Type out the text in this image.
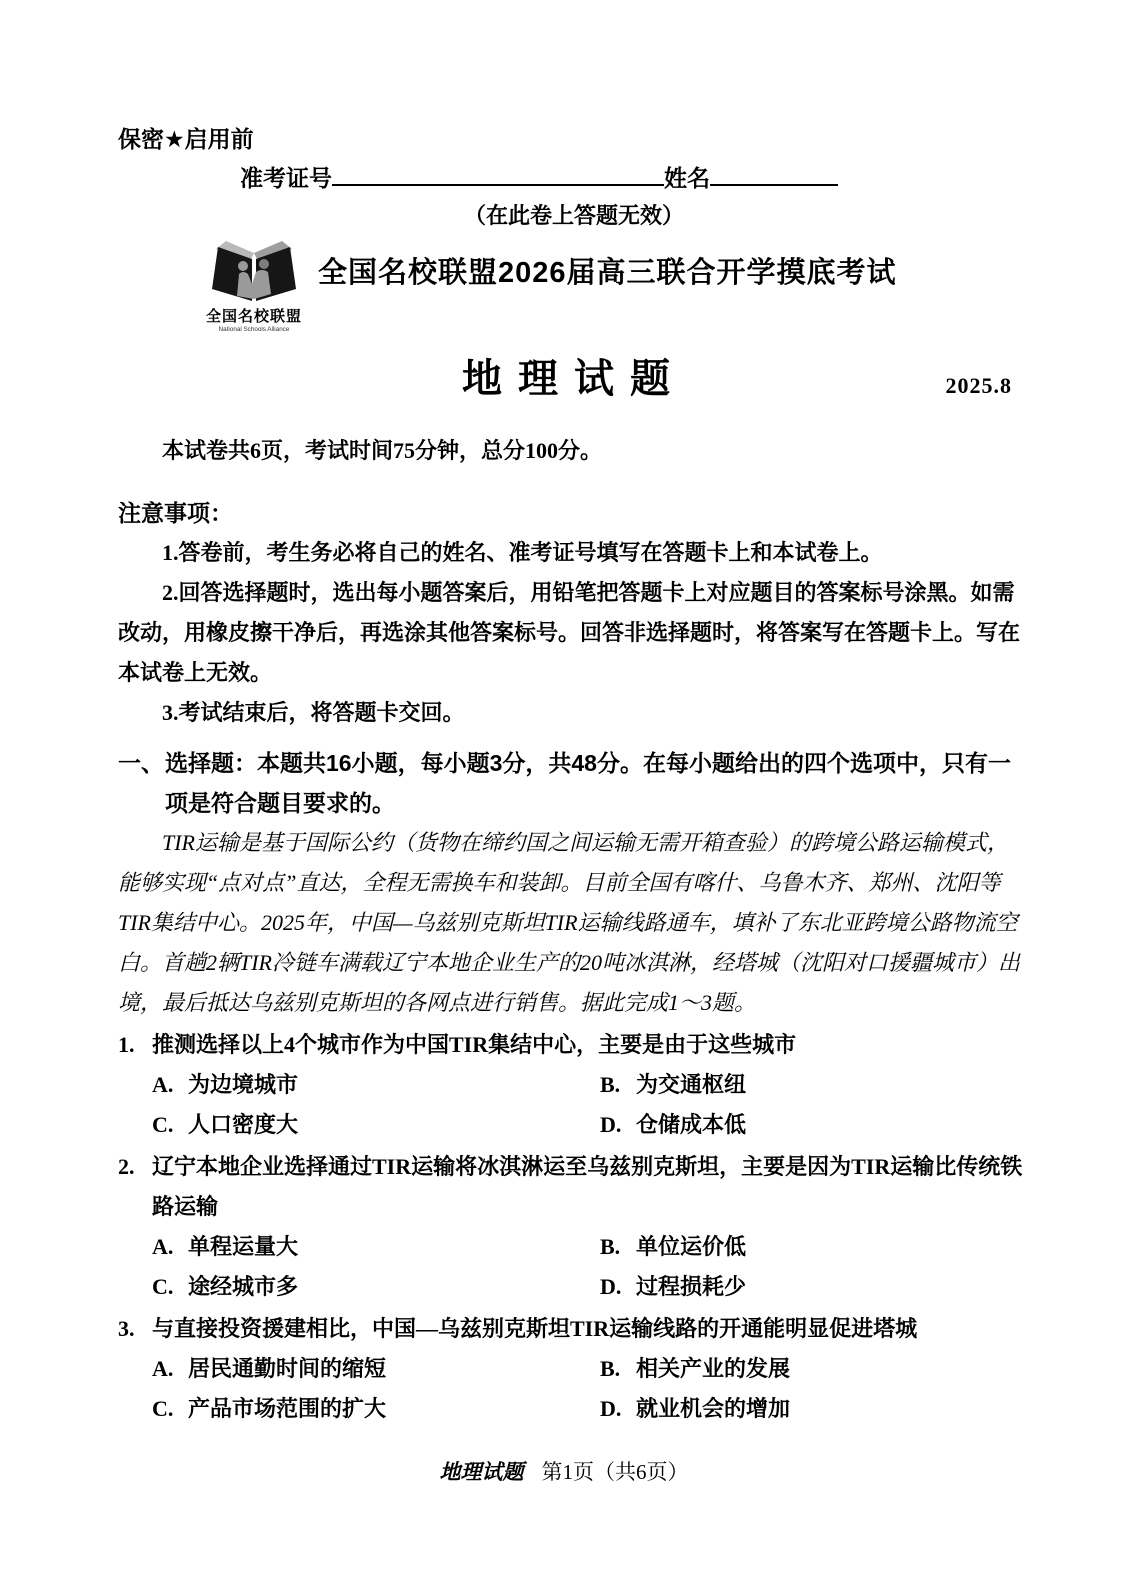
保密★启用前
准考证号	姓名
（在此卷上答题无效）
全国名校联盟
National Schools Alliance
全国名校联盟2026届高三联合开学摸底考试
地理试题	2025.8

本试卷共6页，考试时间75分钟，总分100分。

注意事项：

1.答卷前，考生务必将自己的姓名、准考证号填写在答题卡上和本试卷上。

2.回答选择题时，选出每小题答案后，用铅笔把答题卡上对应题目的答案标号涂黑。如需改动，用橡皮擦干净后，再选涂其他答案标号。回答非选择题时，将答案写在答题卡上。写在本试卷上无效。

3.考试结束后，将答题卡交回。

一、选择题：本题共16小题，每小题3分，共48分。在每小题给出的四个选项中，只有一项是符合题目要求的。

TIR运输是基于国际公约（货物在缔约国之间运输无需开箱查验）的跨境公路运输模式，能够实现“点对点”直达，全程无需换车和装卸。目前全国有喀什、乌鲁木齐、郑州、沈阳等TIR集结中心。2025年，中国—乌兹别克斯坦TIR运输线路通车，填补了东北亚跨境公路物流空白。首趟2辆TIR冷链车满载辽宁本地企业生产的20吨冰淇淋，经塔城（沈阳对口援疆城市）出境，最后抵达乌兹别克斯坦的各网点进行销售。据此完成1～3题。

1. 推测选择以上4个城市作为中国TIR集结中心，主要是由于这些城市

A. 为边境城市	B. 为交通枢纽

C. 人口密度大	D. 仓储成本低

2. 辽宁本地企业选择通过TIR运输将冰淇淋运至乌兹别克斯坦，主要是因为TIR运输比传统铁路运输

A. 单程运量大	B. 单位运价低

C. 途经城市多	D. 过程损耗少

3. 与直接投资援建相比，中国—乌兹别克斯坦TIR运输线路的开通能明显促进塔城

A. 居民通勤时间的缩短	B. 相关产业的发展

C. 产品市场范围的扩大	D. 就业机会的增加

地理试题 第1页（共6页）
